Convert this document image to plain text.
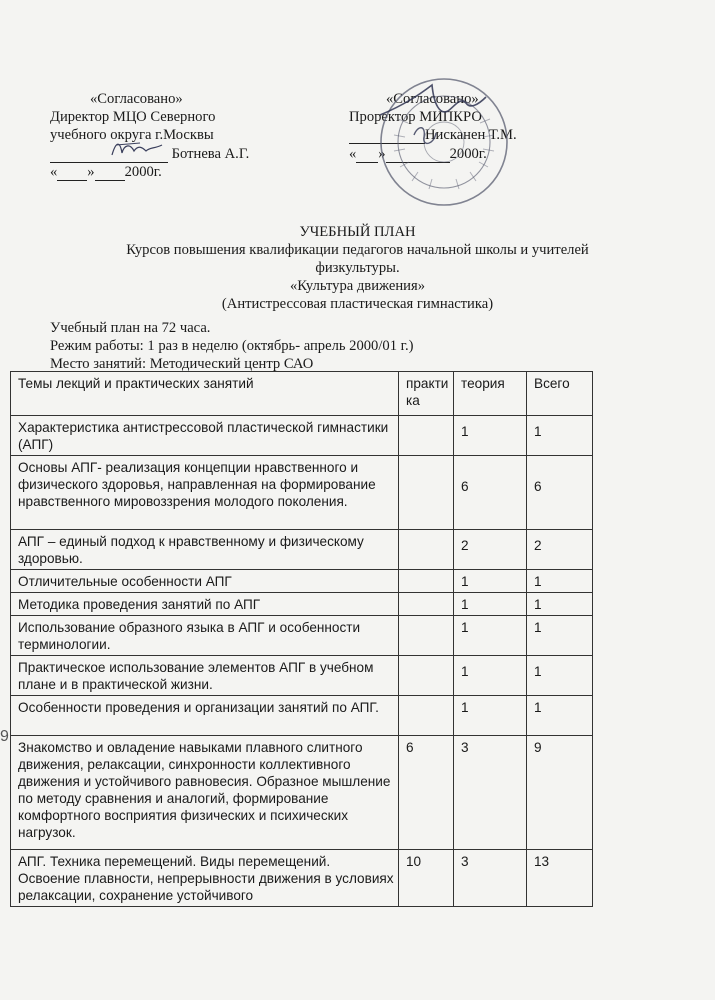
«Согласовано»
Директор МЦО Северного
учебного округа г.Москвы
Ботнева А.Г.
« » 2000г.
«Согласовано»
Проректор МИПКРО
Нисканен Т.М.
« »	2000г.
УЧЕБНЫЙ ПЛАН
Курсов повышения квалификации педагогов начальной школы и учителей
физкультуры.
«Культура движения»
(Антистрессовая пластическая гимнастика)
Учебный план на 72 часа.
Режим работы: 1 раз в неделю (октябрь- апрель 2000/01 г.)
Место занятий: Методический центр САО
Темы лекций и практических занятий	практика	теория	Всего
Характеристика антистрессовой пластической гимнастики (АПГ)		1	1
Основы АПГ- реализация концепции нравственного и физического здоровья, направленная на формирование нравственного мировоззрения молодого поколения.		6	6
АПГ – единый подход к нравственному и физическому здоровью.		2	2
Отличительные особенности АПГ		1	1
Методика проведения занятий по АПГ		1	1
Использование образного языка в АПГ и особенности терминологии.		1	1
Практическое использование элементов АПГ в учебном плане и в практической жизни.		1	1
Особенности проведения и организации занятий по АПГ.		1	1
Знакомство и овладение навыками плавного слитного движения, релаксации, синхронности коллективного движения и устойчивого равновесия. Образное мышление по методу сравнения и аналогий, формирование комфортного восприятия физических и психических нагрузок.	6	3	9
АПГ. Техника перемещений. Виды перемещений. Освоение плавности, непрерывности движения в условиях релаксации, сохранение устойчивого	10	3	13
9
